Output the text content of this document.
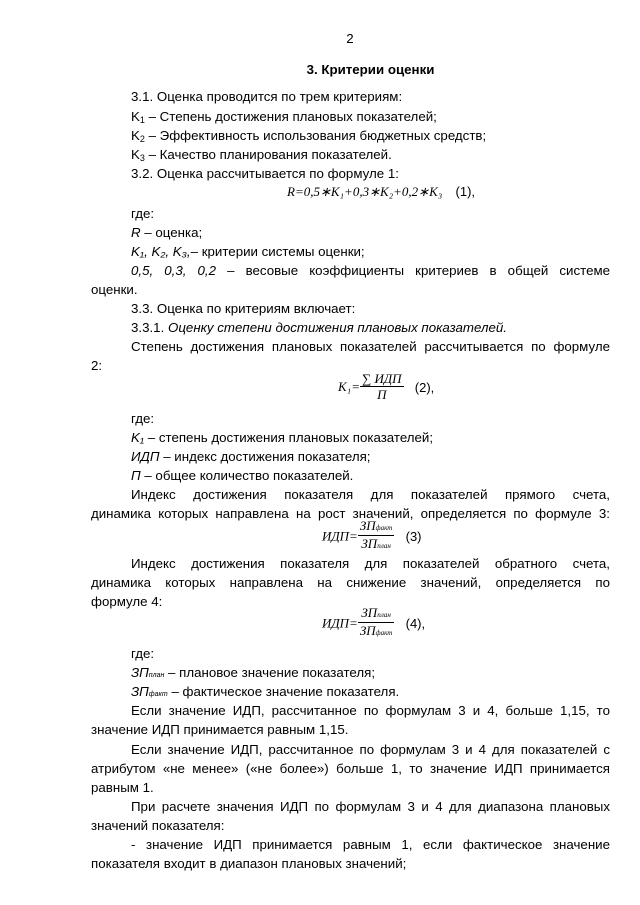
2
3. Критерии оценки
3.1. Оценка проводится по трем критериям:
$K_1$ – Степень достижения плановых показателей;
$K_2$ – Эффективность использования бюджетных средств;
$K_3$ – Качество планирования показателей.
3.2. Оценка рассчитывается по формуле 1:
R=0,5∗K₁+0,3∗K₂+0,2∗K₃ (1),
где:
R – оценка;
K₁, K₂, K₃,– критерии системы оценки;
0,5, 0,3, 0,2 – весовые коэффициенты критериев в общей системе
оценки.
3.3. Оценка по критериям включает:
3.3.1. Оценку степени достижения плановых показателей.
Степень достижения плановых показателей рассчитывается по формуле
2:
$K_1= \frac{\text{∑ ИДП}}{П} (2)$,
где:
K₁ – степень достижения плановых показателей;
ИДП – индекс достижения показателя;
П – общее количество показателей.
Индекс достижения показателя для показателей прямого счета,
динамика которых направлена на рост значений, определяется по формуле 3:
$ИДП= \frac{\text{ЗПфакт}}{\text{ЗПплан}} (3)$
Индекс достижения показателя для показателей обратного счета,
динамика которых направлена на снижение значений, определяется по
формуле 4:
$ИДП= \frac{\text{ЗПплан}}{\text{ЗПфакт}} (4)$,
где:
ЗПплан – плановое значение показателя;
ЗПфакт – фактическое значение показателя.
Если значение ИДП, рассчитанное по формулам 3 и 4, больше 1,15, то
значение ИДП принимается равным 1,15.
Если значение ИДП, рассчитанное по формулам 3 и 4 для показателей с
атрибутом «не менее» («не более») больше 1, то значение ИДП принимается
равным 1.
При расчете значения ИДП по формулам 3 и 4 для диапазона плановых
значений показателя:
- значение ИДП принимается равным 1, если фактическое значение
показателя входит в диапазон плановых значений;
